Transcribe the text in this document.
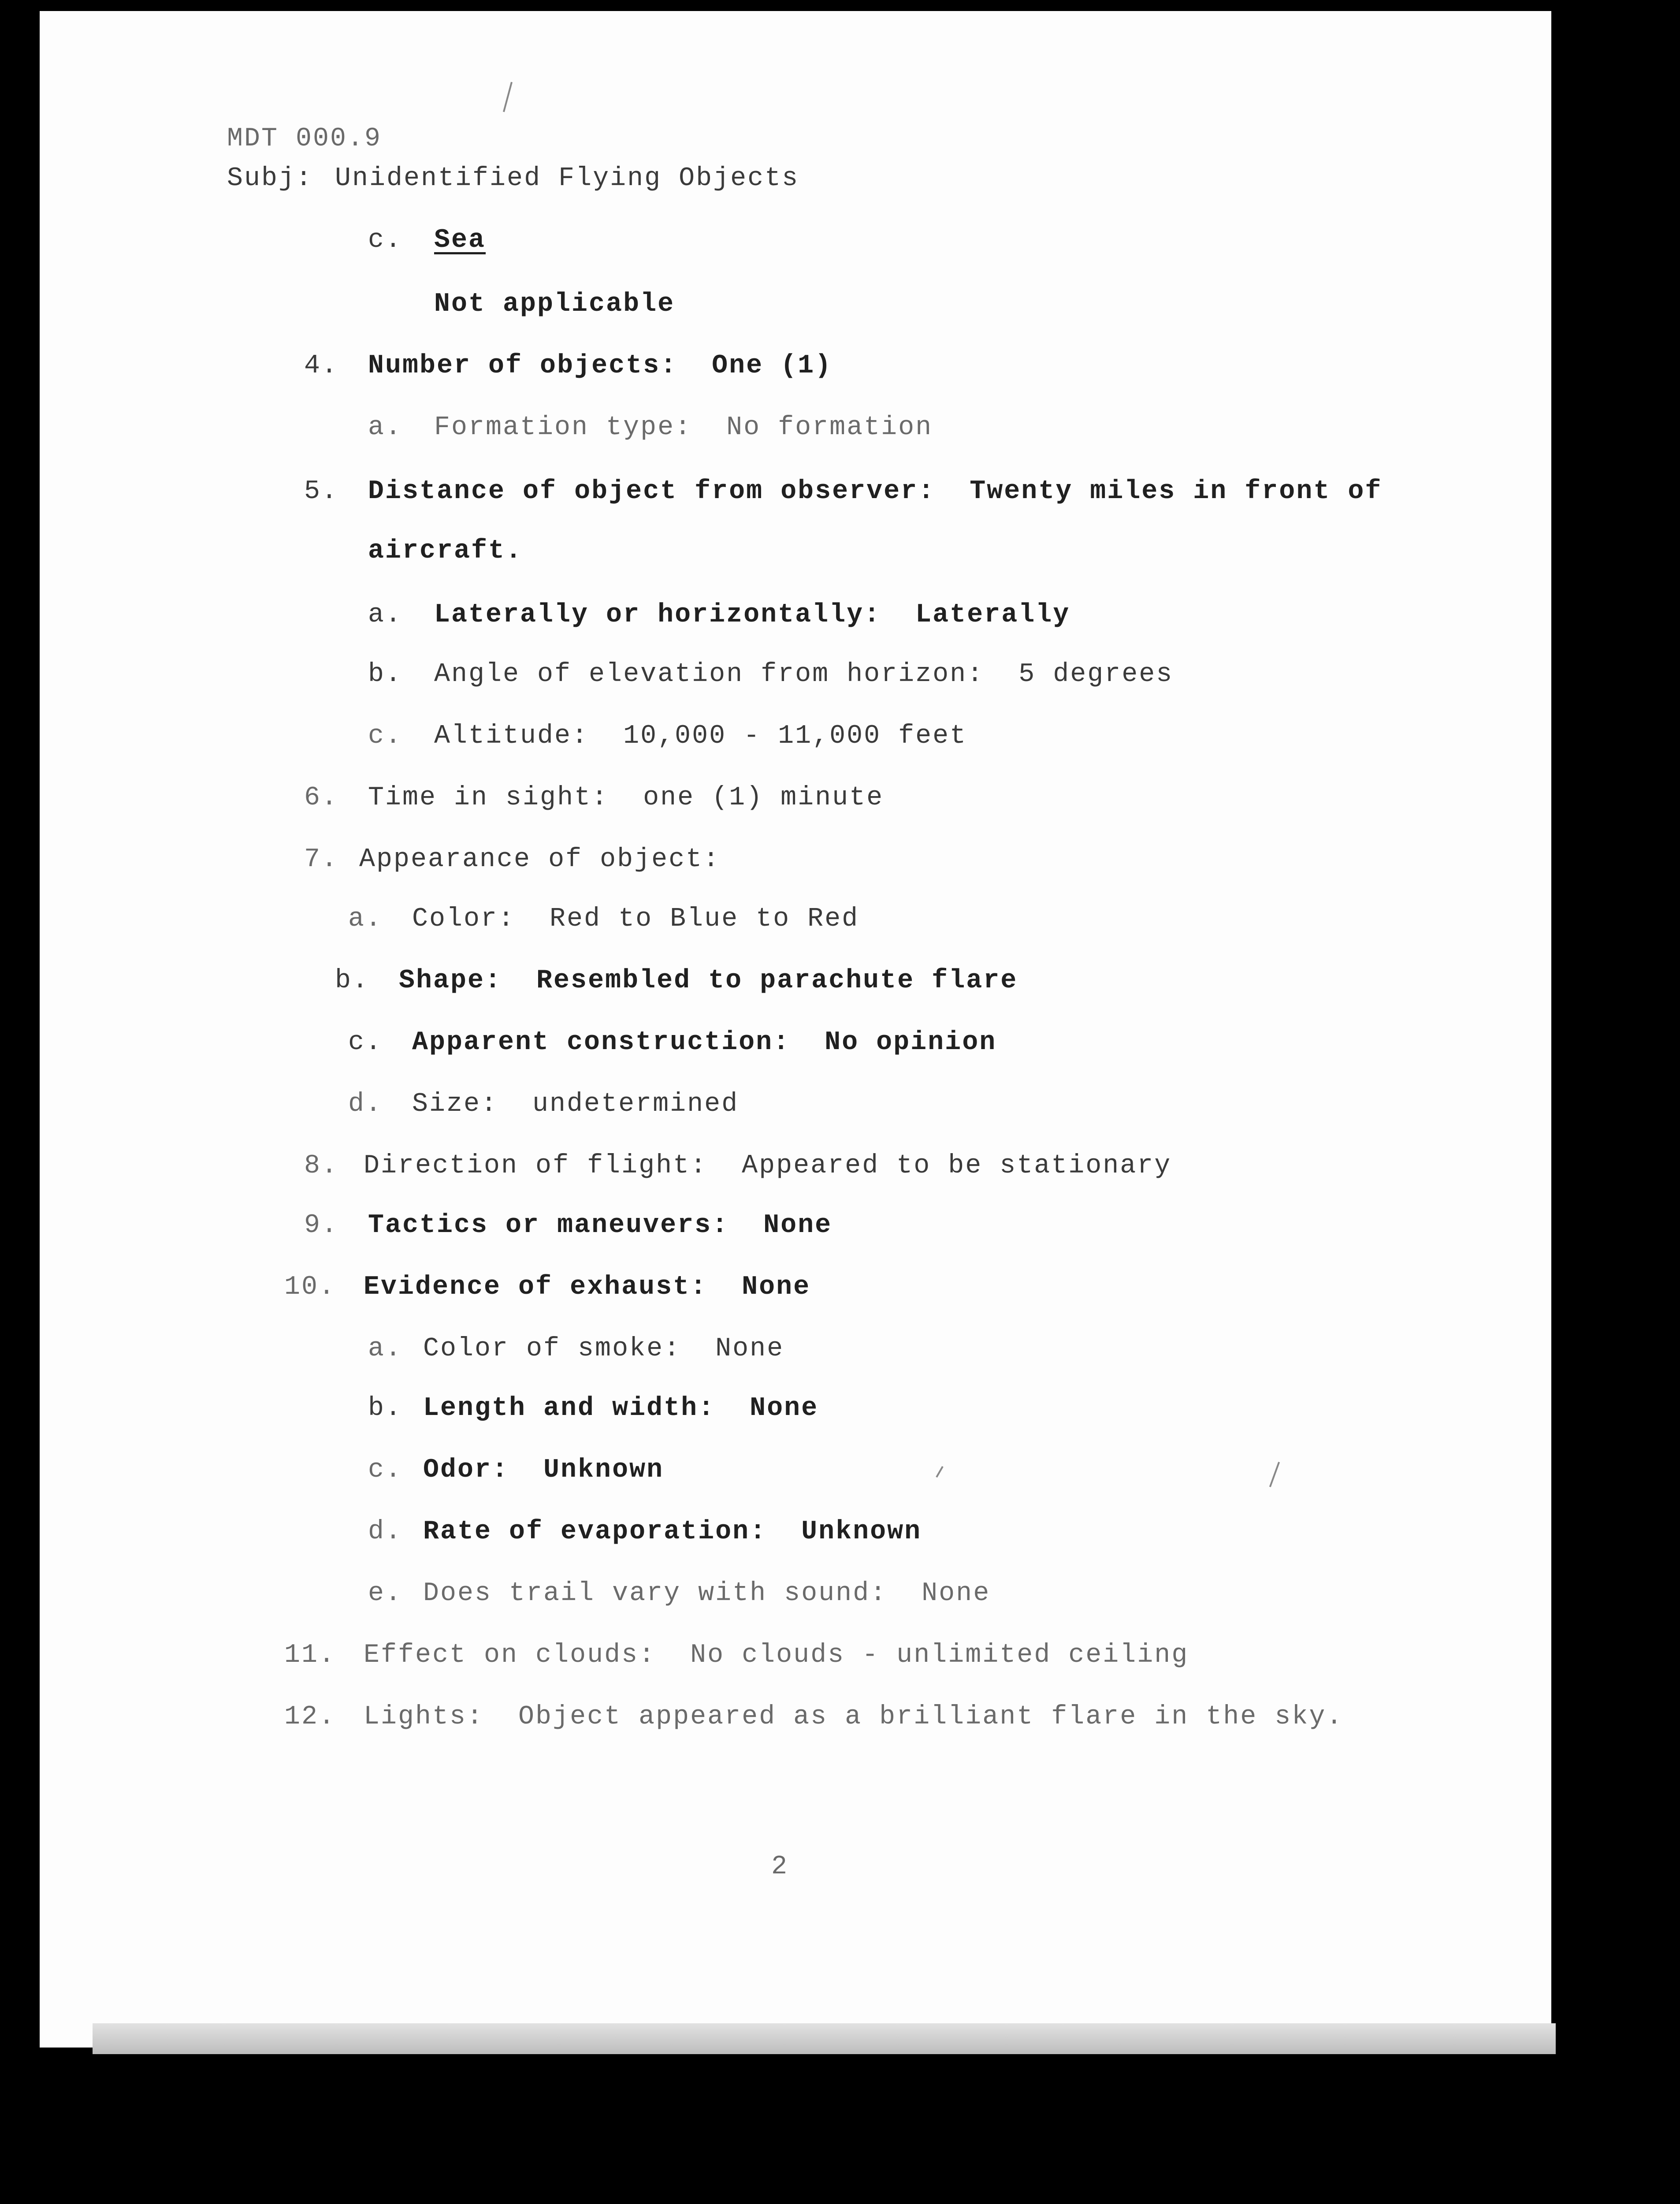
MDT 000.9
Subj: Unidentified Flying Objects
c. Sea
Not applicable
4. Number of objects:  One (1)
a. Formation type:  No formation
5. Distance of object from observer:  Twenty miles in front of
aircraft.
a. Laterally or horizontally:  Laterally
b. Angle of elevation from horizon:  5 degrees
c. Altitude:  10,000 - 11,000 feet
6. Time in sight:  one (1) minute
7. Appearance of object:
a. Color:  Red to Blue to Red
b. Shape:  Resembled to parachute flare
c. Apparent construction:  No opinion
d. Size:  undetermined
8. Direction of flight:  Appeared to be stationary
9. Tactics or maneuvers:  None
10. Evidence of exhaust:  None
a. Color of smoke:  None
b. Length and width:  None
c. Odor:  Unknown
d. Rate of evaporation:  Unknown
e. Does trail vary with sound:  None
11. Effect on clouds:  No clouds - unlimited ceiling
12. Lights:  Object appeared as a brilliant flare in the sky.
2
